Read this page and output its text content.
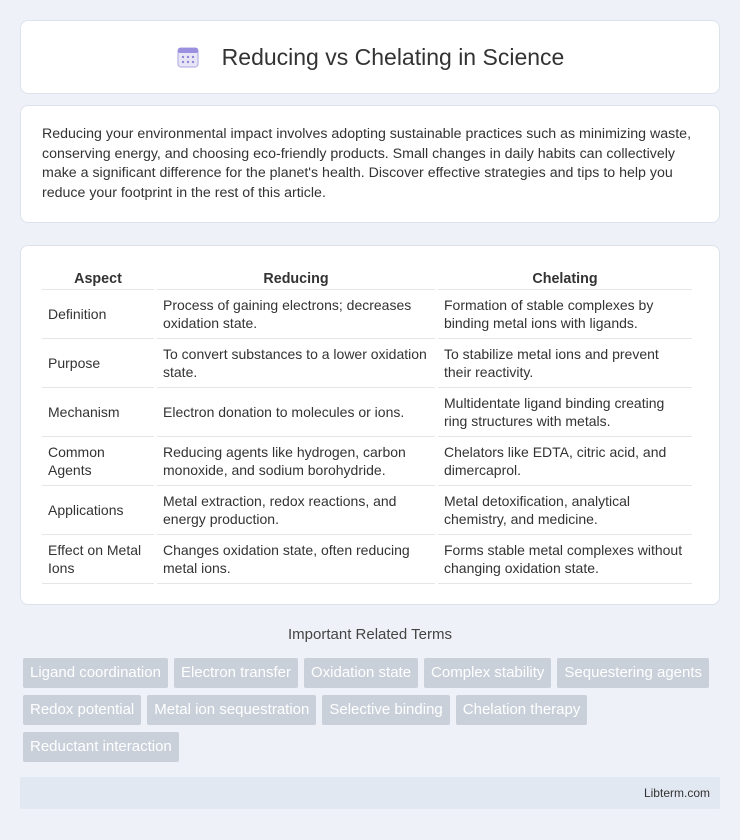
Reducing vs Chelating in Science
Reducing your environmental impact involves adopting sustainable practices such as minimizing waste, conserving energy, and choosing eco-friendly products. Small changes in daily habits can collectively make a significant difference for the planet's health. Discover effective strategies and tips to help you reduce your footprint in the rest of this article.
Aspect	Reducing	Chelating
Definition	Process of gaining electrons; decreases oxidation state.	Formation of stable complexes by binding metal ions with ligands.
Purpose	To convert substances to a lower oxidation state.	To stabilize metal ions and prevent their reactivity.
Mechanism	Electron donation to molecules or ions.	Multidentate ligand binding creating ring structures with metals.
Common Agents	Reducing agents like hydrogen, carbon monoxide, and sodium borohydride.	Chelators like EDTA, citric acid, and dimercaprol.
Applications	Metal extraction, redox reactions, and energy production.	Metal detoxification, analytical chemistry, and medicine.
Effect on Metal Ions	Changes oxidation state, often reducing metal ions.	Forms stable metal complexes without changing oxidation state.
Important Related Terms
Ligand coordination	Electron transfer	Oxidation state	Complex stability	Sequestering agents
Redox potential	Metal ion sequestration	Selective binding	Chelation therapy
Reductant interaction
Libterm.com
